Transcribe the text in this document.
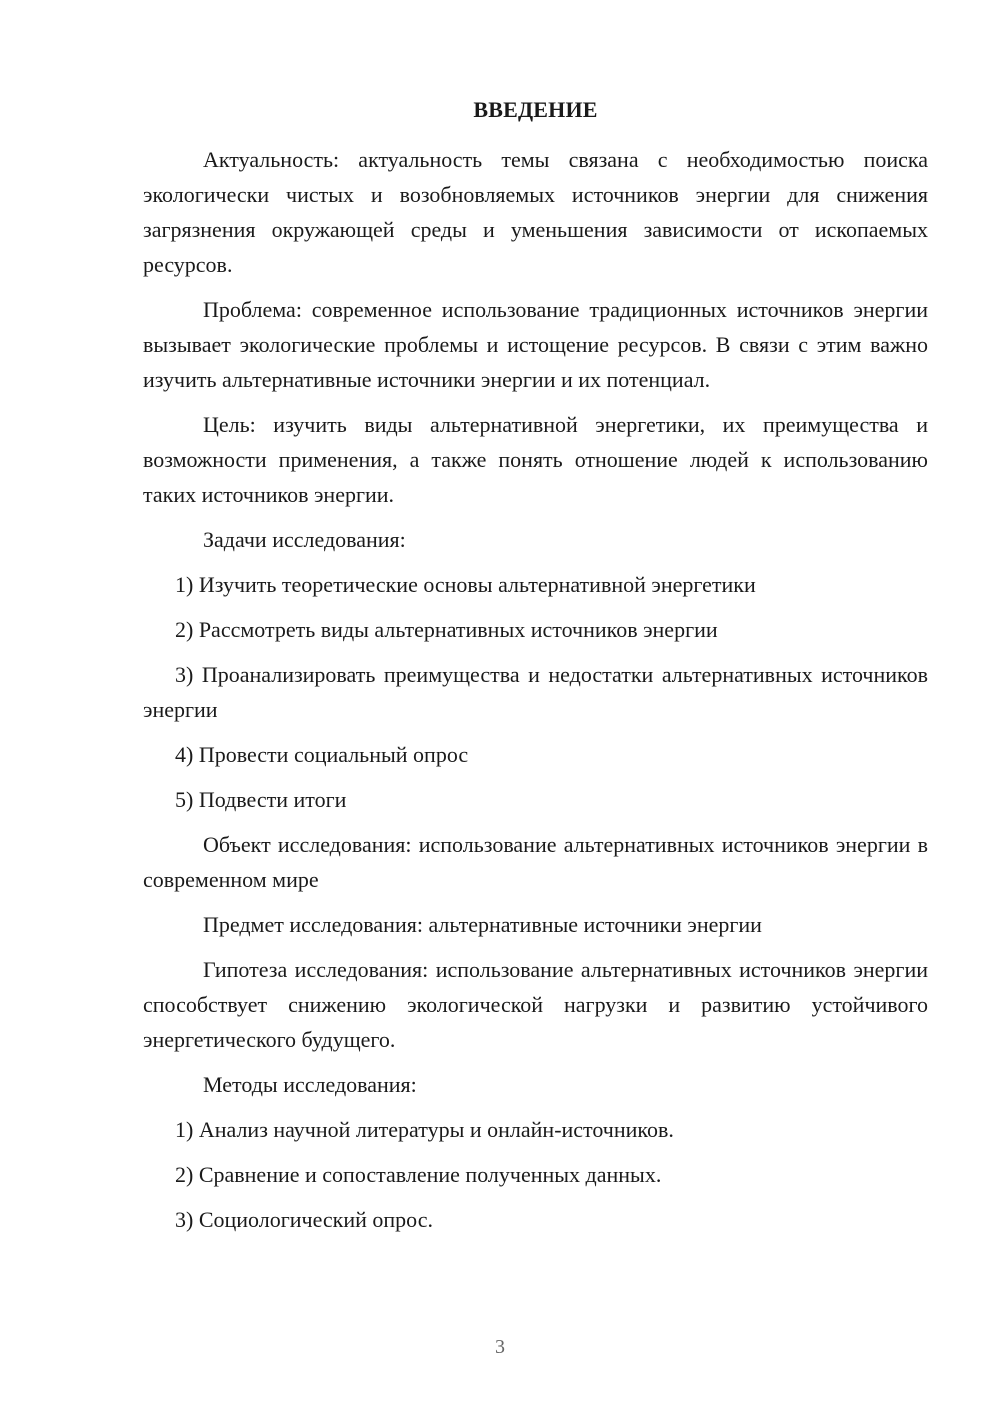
ВВЕДЕНИЕ

Актуальность: актуальность темы связана с необходимостью поиска экологически чистых и возобновляемых источников энергии для снижения загрязнения окружающей среды и уменьшения зависимости от ископаемых ресурсов.

Проблема: современное использование традиционных источников энергии вызывает экологические проблемы и истощение ресурсов. В связи с этим важно изучить альтернативные источники энергии и их потенциал.

Цель: изучить виды альтернативной энергетики, их преимущества и возможности применения, а также понять отношение людей к использованию таких источников энергии.

Задачи исследования:

1) Изучить теоретические основы альтернативной энергетики

2) Рассмотреть виды альтернативных источников энергии

3) Проанализировать преимущества и недостатки альтернативных источников энергии

4) Провести социальный опрос

5) Подвести итоги

Объект исследования: использование альтернативных источников энергии в современном мире

Предмет исследования: альтернативные источники энергии

Гипотеза исследования: использование альтернативных источников энергии способствует снижению экологической нагрузки и развитию устойчивого энергетического будущего.

Методы исследования:

1) Анализ научной литературы и онлайн-источников.

2) Сравнение и сопоставление полученных данных.

3) Социологический опрос.

3
